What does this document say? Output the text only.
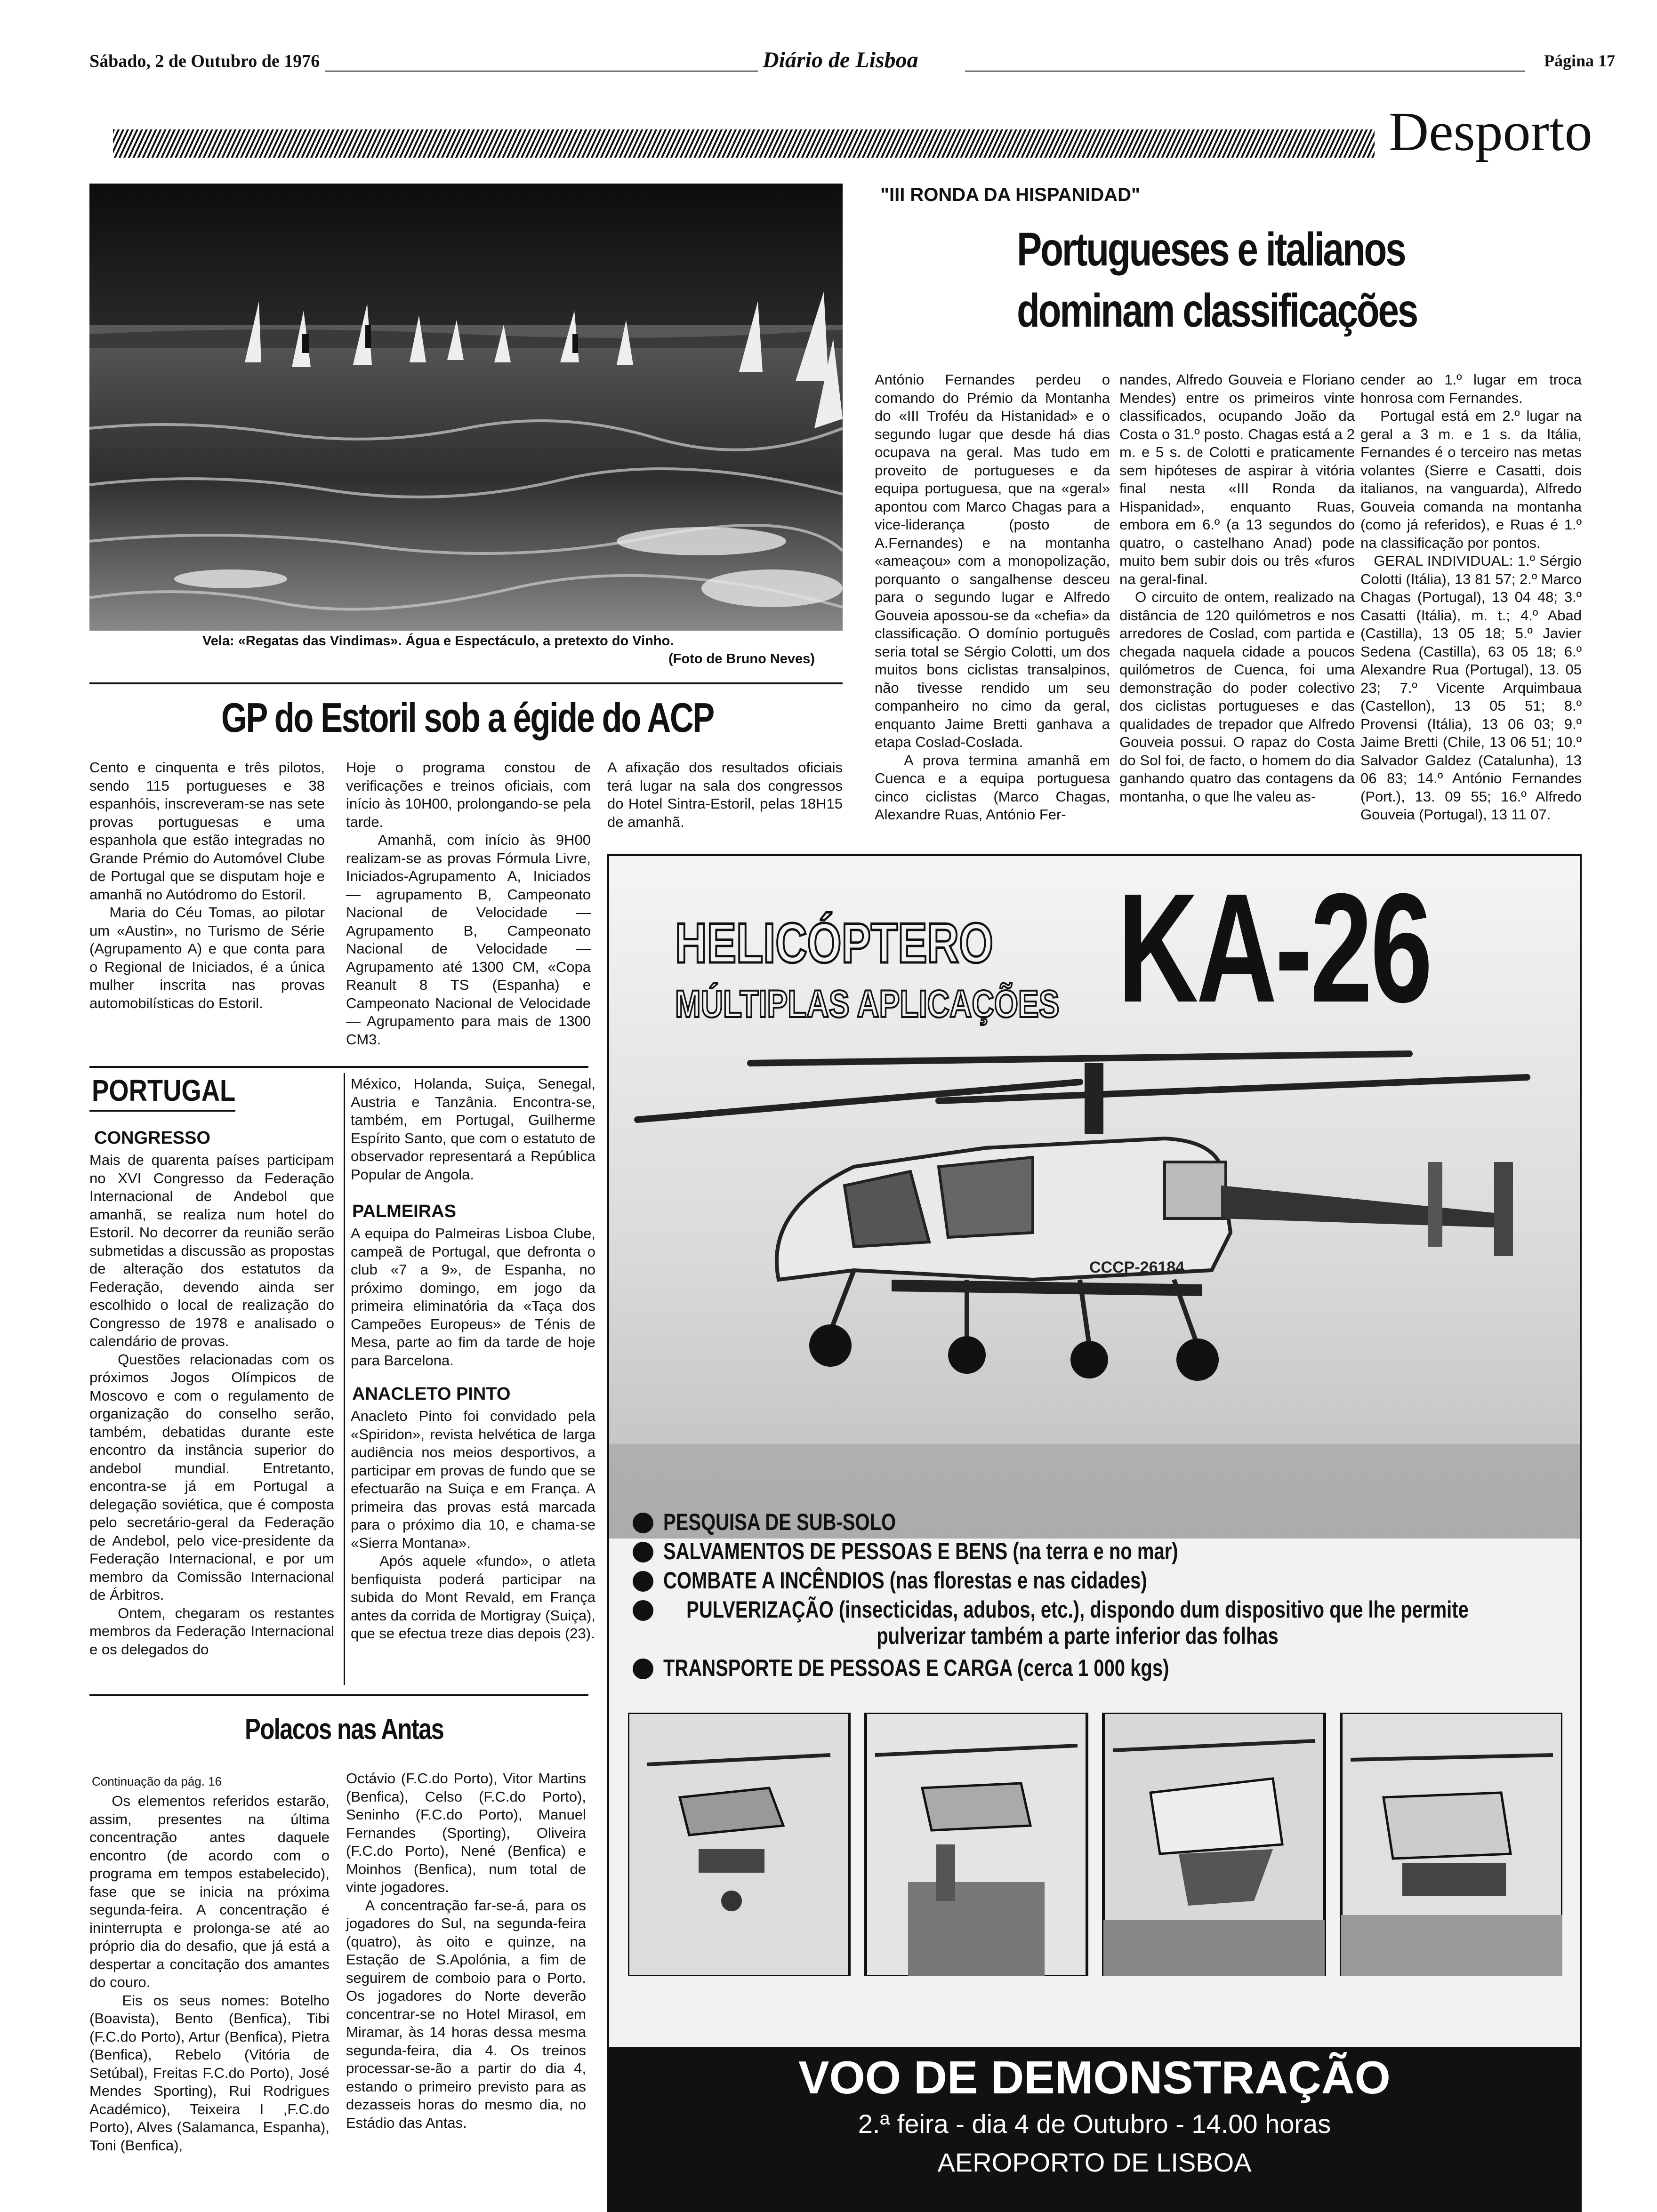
Sábado, 2 de Outubro de 1976	Diário de Lisboa	Página 17
Desporto
Vela: «Regatas das Vindimas». Água e Espectáculo, a pretexto do Vinho.
(Foto de Bruno Neves)
"III RONDA DA HISPANIDAD"
Portugueses e italianos
dominam classificações

António Fernandes perdeu o comando do Prémio da Montanha do «III Troféu da Histanidad» e o segundo lugar que desde há dias ocupava na geral. Mas tudo em proveito de portugueses e da equipa portuguesa, que na «geral» apontou com Marco Chagas para a vice-liderança (posto de A.Fernandes) e na montanha «ameaçou» com a monopolização, porquanto o sangalhense desceu para o segundo lugar e Alfredo Gouveia apossou-se da «chefia» da classificação. O domínio português seria total se Sérgio Colotti, um dos muitos bons ciclistas transalpinos, não tivesse rendido um seu companheiro no cimo da geral, enquanto Jaime Bretti ganhava a etapa Coslad-Coslada.
A prova termina amanhã em Cuenca e a equipa portuguesa cinco ciclistas (Marco Chagas, Alexandre Ruas, António Fer-

nandes, Alfredo Gouveia e Floriano Mendes) entre os primeiros vinte classificados, ocupando João da Costa o 31.º posto. Chagas está a 2 m. e 5 s. de Colotti e praticamente sem hipóteses de aspirar à vitória final nesta «III Ronda da Hispanidad», enquanto Ruas, embora em 6.º (a 13 segundos do quatro, o castelhano Anad) pode muito bem subir dois ou três «furos na geral-final.
O circuito de ontem, realizado na distância de 120 quilómetros e nos arredores de Coslad, com partida e chegada naquela cidade a poucos quilómetros de Cuenca, foi uma demonstração do poder colectivo dos ciclistas portugueses e das qualidades de trepador que Alfredo Gouveia possui. O rapaz do Costa do Sol foi, de facto, o homem do dia ganhando quatro das contagens da montanha, o que lhe valeu as-

cender ao 1.º lugar em troca honrosa com Fernandes.
Portugal está em 2.º lugar na geral a 3 m. e 1 s. da Itália, Fernandes é o terceiro nas metas volantes (Sierre e Casatti, dois italianos, na vanguarda), Alfredo Gouveia comanda na montanha (como já referidos), e Ruas é 1.º na classificação por pontos.
GERAL INDIVIDUAL: 1.º Sérgio Colotti (Itália), 13 81 57; 2.º Marco Chagas (Portugal), 13 04 48; 3.º Casatti (Itália), m. t.; 4.º Abad (Castilla), 13 05 18; 5.º Javier Sedena (Castilla), 63 05 18; 6.º Alexandre Rua (Portugal), 13. 05 23; 7.º Vicente Arquimbaua (Castellon), 13 05 51; 8.º Provensi (Itália), 13 06 03; 9.º Jaime Bretti (Chile, 13 06 51; 10.º Salvador Galdez (Catalunha), 13 06 83; 14.º António Fernandes (Port.), 13. 09 55; 16.º Alfredo Gouveia (Portugal), 13 11 07.

GP do Estoril sob a égide do ACP

Cento e cinquenta e três pilotos, sendo 115 portugueses e 38 espanhóis, inscreveram-se nas sete provas portuguesas e uma espanhola que estão integradas no Grande Prémio do Automóvel Clube de Portugal que se disputam hoje e amanhã no Autódromo do Estoril.
Maria do Céu Tomas, ao pilotar um «Austin», no Turismo de Série (Agrupamento A) e que conta para o Regional de Iniciados, é a única mulher inscrita nas provas automobilísticas do Estoril.

Hoje o programa constou de verificações e treinos oficiais, com início às 10H00, prolongando-se pela tarde.
Amanhã, com início às 9H00 realizam-se as provas Fórmula Livre, Iniciados-Agrupamento A, Iniciados — agrupamento B, Campeonato Nacional de Velocidade — Agrupamento B, Campeonato Nacional de Velocidade — Agrupamento até 1300 CM, «Copa Reanult 8 TS (Espanha) e Campeonato Nacional de Velocidade — Agrupamento para mais de 1300 CM3.

A afixação dos resultados oficiais terá lugar na sala dos congressos do Hotel Sintra-Estoril, pelas 18H15 de amanhã.

PORTUGAL
CONGRESSO

Mais de quarenta países participam no XVI Congresso da Federação Internacional de Andebol que amanhã, se realiza num hotel do Estoril. No decorrer da reunião serão submetidas a discussão as propostas de alteração dos estatutos da Federação, devendo ainda ser escolhido o local de realização do Congresso de 1978 e analisado o calendário de provas.
Questões relacionadas com os próximos Jogos Olímpicos de Moscovo e com o regulamento de organização do conselho serão, também, debatidas durante este encontro da instância superior do andebol mundial. Entretanto, encontra-se já em Portugal a delegação soviética, que é composta pelo secretário-geral da Federação de Andebol, pelo vice-presidente da Federação Internacional, e por um membro da Comissão Internacional de Árbitros.
Ontem, chegaram os restantes membros da Federação Internacional e os delegados do

México, Holanda, Suiça, Senegal, Austria e Tanzânia. Encontra-se, também, em Portugal, Guilherme Espírito Santo, que com o estatuto de observador representará a República Popular de Angola.

PALMEIRAS

A equipa do Palmeiras Lisboa Clube, campeã de Portugal, que defronta o club «7 a 9», de Espanha, no próximo domingo, em jogo da primeira eliminatória da «Taça dos Campeões Europeus» de Ténis de Mesa, parte ao fim da tarde de hoje para Barcelona.

ANACLETO PINTO

Anacleto Pinto foi convidado pela «Spiridon», revista helvética de larga audiência nos meios desportivos, a participar em provas de fundo que se efectuarão na Suiça e em França. A primeira das provas está marcada para o próximo dia 10, e chama-se «Sierra Montana».
Após aquele «fundo», o atleta benfiquista poderá participar na subida do Mont Revald, em França antes da corrida de Mortigray (Suiça), que se efectua treze dias depois (23).

Polacos nas Antas
Continuação da pág. 16

Os elementos referidos estarão, assim, presentes na última concentração antes daquele encontro (de acordo com o programa em tempos estabelecido), fase que se inicia na próxima segunda-feira. A concentração é ininterrupta e prolonga-se até ao próprio dia do desafio, que já está a despertar a concitação dos amantes do couro.
Eis os seus nomes: Botelho (Boavista), Bento (Benfica), Tibi (F.C.do Porto), Artur (Benfica), Pietra (Benfica), Rebelo (Vitória de Setúbal), Freitas F.C.do Porto), José Mendes Sporting), Rui Rodrigues Académico), Teixeira I ,F.C.do Porto), Alves (Salamanca, Espanha), Toni (Benfica),

Octávio (F.C.do Porto), Vitor Martins (Benfica), Celso (F.C.do Porto), Seninho (F.C.do Porto), Manuel Fernandes (Sporting), Oliveira (F.C.do Porto), Nené (Benfica) e Moinhos (Benfica), num total de vinte jogadores.
A concentração far-se-á, para os jogadores do Sul, na segunda-feira (quatro), às oito e quinze, na Estação de S.Apolónia, a fim de seguirem de comboio para o Porto. Os jogadores do Norte deverão concentrar-se no Hotel Mirasol, em Miramar, às 14 horas dessa mesma segunda-feira, dia 4. Os treinos processar-se-ão a partir do dia 4, estando o primeiro previsto para as dezasseis horas do mesmo dia, no Estádio das Antas.

HELICÓPTERO KA-26
MÚLTIPLAS APLICAÇÕES
CCCP-26184
PESQUISA DE SUB-SOLO
SALVAMENTOS DE PESSOAS E BENS (na terra e no mar)
COMBATE A INCÊNDIOS (nas florestas e nas cidades)
PULVERIZAÇÃO (insecticidas, adubos, etc.), dispondo dum dispositivo que lhe permite pulverizar também a parte inferior das folhas
TRANSPORTE DE PESSOAS E CARGA (cerca 1 000 kgs)
VOO DE DEMONSTRAÇÃO
2.ª feira - dia 4 de Outubro - 14.00 horas
AEROPORTO DE LISBOA
